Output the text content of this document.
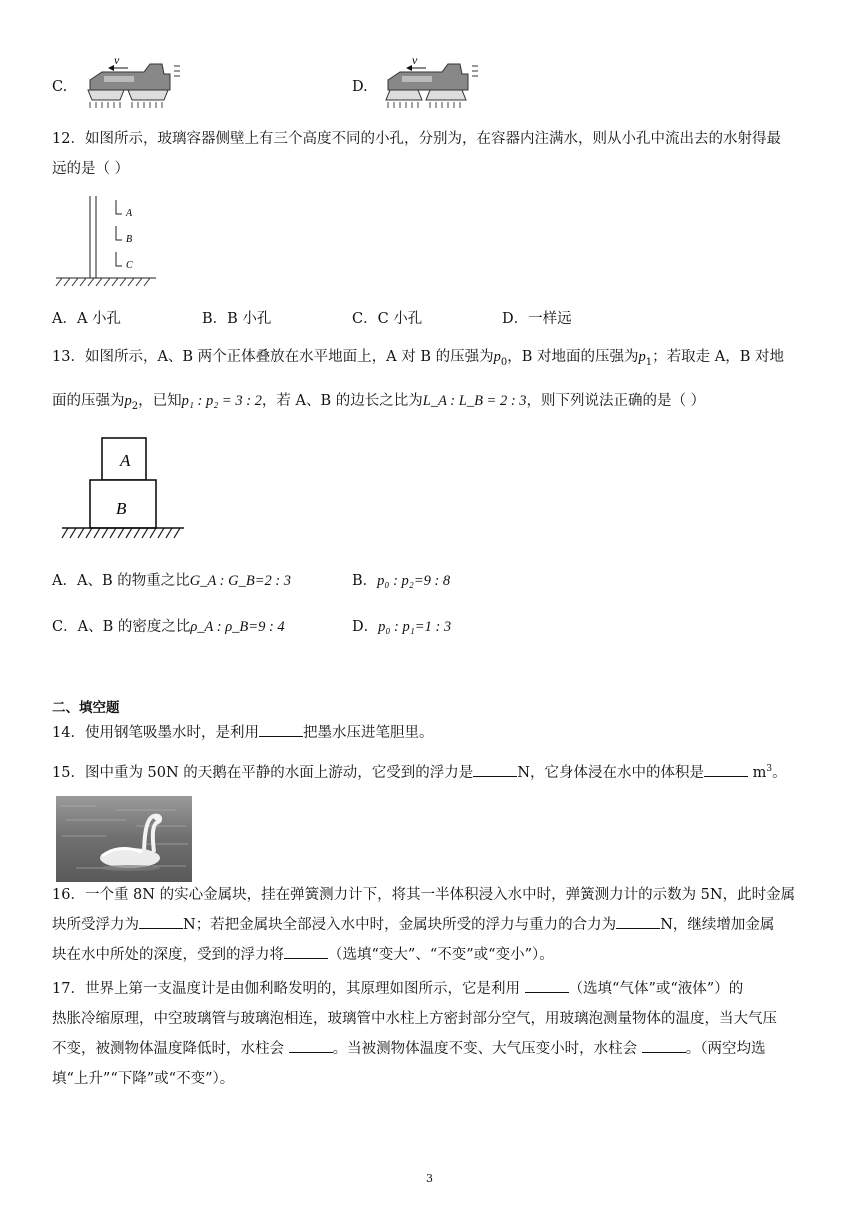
C.
v
D.
v
12．如图所示，玻璃容器侧壁上有三个高度不同的小孔，分别为，在容器内注满水，则从小孔中流出去的水射得最
远的是（ ）
A
B
C
A．A 小孔	B．B 小孔	C．C 小孔	D．一样远
13．如图所示，A、B 两个正体叠放在水平地面上，A 对 B 的压强为$p_0$，B 对地面的压强为$p_1$；若取走 A，B 对地
面的压强为$p_2$，已知p₁ : p₂ = 3 : 2，若 A、B 的边长之比为L_A : L_B = 2 : 3，则下列说法正确的是（ ）
A
B
A．A、B 的物重之比G_A : G_B=2 : 3	B．p₀ : p₂=9 : 8
C．A、B 的密度之比ρ_A : ρ_B=9 : 4	D．p₀ : p₁=1 : 3
二、填空题
14．使用钢笔吸墨水时，是利用	把墨水压进笔胆里。
15．图中重为 50N 的天鹅在平静的水面上游动，它受到的浮力是	N，它身体浸在水中的体积是	$m^3$。
16．一个重 8N 的实心金属块，挂在弹簧测力计下，将其一半体积浸入水中时，弹簧测力计的示数为 5N，此时金属
块所受浮力为	N；若把金属块全部浸入水中时，金属块所受的浮力与重力的合力为	N，继续增加金属
块在水中所处的深度，受到的浮力将	（选填“变大”、“不变”或“变小”）。
17．世界上第一支温度计是由伽利略发明的，其原理如图所示，它是利用	（选填“气体”或“液体”）的
热胀冷缩原理，中空玻璃管与玻璃泡相连，玻璃管中水柱上方密封部分空气，用玻璃泡测量物体的温度，当大气压
不变，被测物体温度降低时，水柱会	。当被测物体温度不变、大气压变小时，水柱会	。（两空均选
填“上升”“下降”或“不变”）。
3
